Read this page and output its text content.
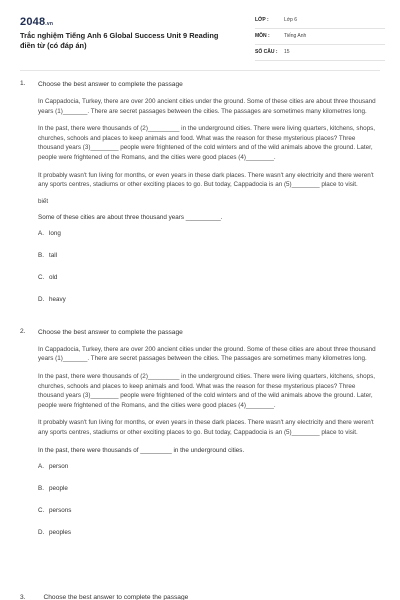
2048.vn
Trắc nghiệm Tiếng Anh 6 Global Success Unit 9 Reading điền từ (có đáp án)
LỚP :	Lớp 6
MÔN :	Tiếng Anh
SỐ CÂU : 15
1. Choose the best answer to complete the passage

In Cappadocia, Turkey, there are over 200 ancient cities under the ground. Some of these cities are about three thousand years (1)_______. There are secret passages between the cities. The passages are sometimes many kilometres long.

In the past, there were thousands of (2)_________ in the underground cities. There were living quarters, kitchens, shops, churches, schools and places to keep animals and food. What was the reason for these mysterious places? Three thousand years (3)________ people were frightened of the cold winters and of the wild animals above the ground. Later, people were frightened of the Romans, and the cities were good places (4)________.

It probably wasn't fun living for months, or even years in these dark places. There wasn't any electricity and there weren't any sports centres, stadiums or other exciting places to go. But today, Cappadocia is an (5)________ place to visit.

biết
Some of these cities are about three thousand years __________.
A. long
B. tall
C. old
D. heavy
2. Choose the best answer to complete the passage

In Cappadocia, Turkey, there are over 200 ancient cities under the ground. Some of these cities are about three thousand years (1)_______. There are secret passages between the cities. The passages are sometimes many kilometres long.

In the past, there were thousands of (2)_________ in the underground cities. There were living quarters, kitchens, shops, churches, schools and places to keep animals and food. What was the reason for these mysterious places? Three thousand years (3)________ people were frightened of the cold winters and of the wild animals above the ground. Later, people were frightened of the Romans, and the cities were good places (4)________.

It probably wasn't fun living for months, or even years in these dark places. There wasn't any electricity and there weren't any sports centres, stadiums or other exciting places to go. But today, Cappadocia is an (5)________ place to visit.

In the past, there were thousands of _________ in the underground cities.
A. person
B. people
C. persons
D. peoples
3.	Choose the best answer to complete the passage
